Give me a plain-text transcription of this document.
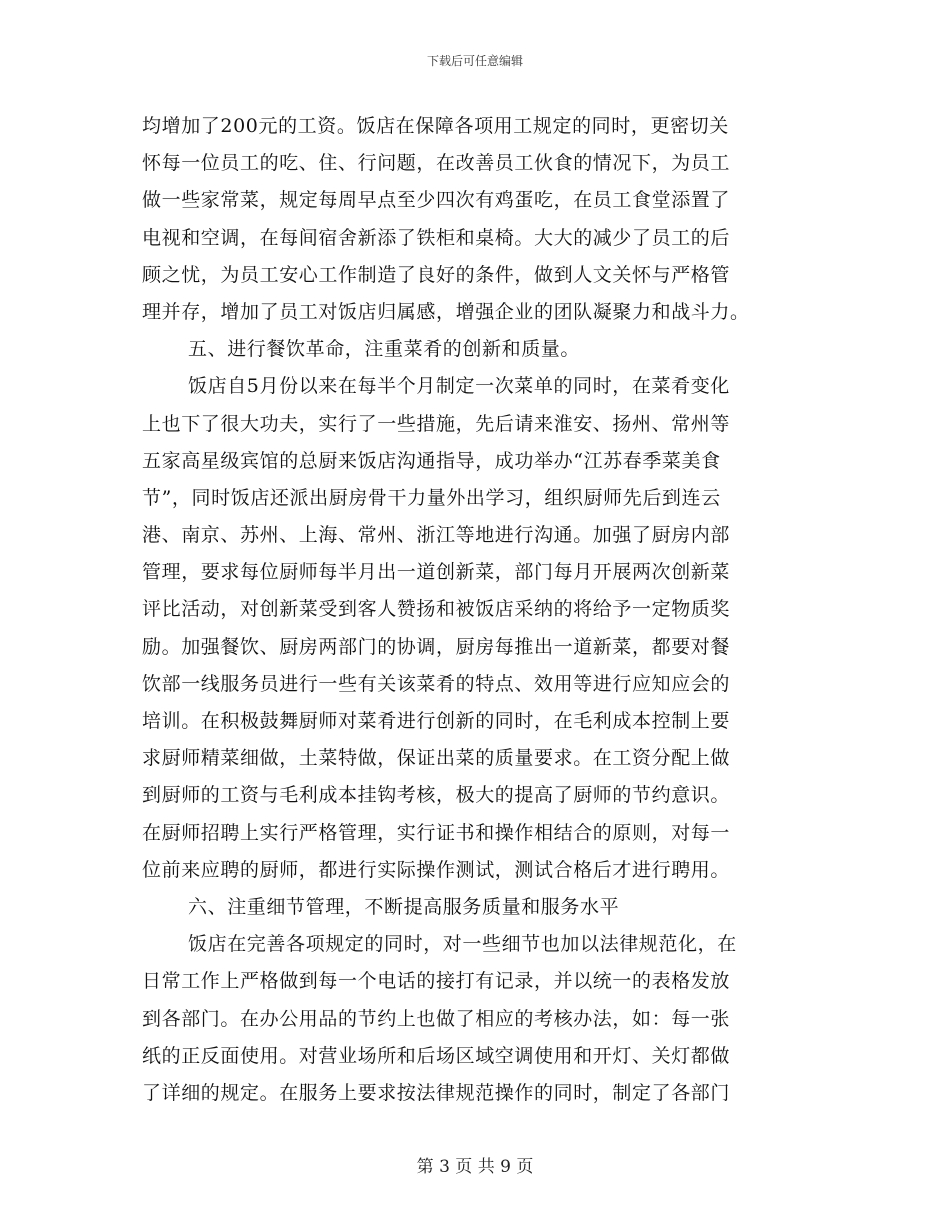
下载后可任意编辑
均增加了200元的工资。饭店在保障各项用工规定的同时，更密切关
怀每一位员工的吃、住、行问题，在改善员工伙食的情况下，为员工
做一些家常菜，规定每周早点至少四次有鸡蛋吃，在员工食堂添置了
电视和空调，在每间宿舍新添了铁柜和桌椅。大大的减少了员工的后
顾之忧，为员工安心工作制造了良好的条件，做到人文关怀与严格管
理并存，增加了员工对饭店归属感，增强企业的团队凝聚力和战斗力。
五、进行餐饮革命，注重菜肴的创新和质量。
饭店自5月份以来在每半个月制定一次菜单的同时，在菜肴变化
上也下了很大功夫，实行了一些措施，先后请来淮安、扬州、常州等
五家高星级宾馆的总厨来饭店沟通指导，成功举办“江苏春季菜美食
节”，同时饭店还派出厨房骨干力量外出学习，组织厨师先后到连云
港、南京、苏州、上海、常州、浙江等地进行沟通。加强了厨房内部
管理，要求每位厨师每半月出一道创新菜，部门每月开展两次创新菜
评比活动，对创新菜受到客人赞扬和被饭店采纳的将给予一定物质奖
励。加强餐饮、厨房两部门的协调，厨房每推出一道新菜，都要对餐
饮部一线服务员进行一些有关该菜肴的特点、效用等进行应知应会的
培训。在积极鼓舞厨师对菜肴进行创新的同时，在毛利成本控制上要
求厨师精菜细做，土菜特做，保证出菜的质量要求。在工资分配上做
到厨师的工资与毛利成本挂钩考核，极大的提高了厨师的节约意识。
在厨师招聘上实行严格管理，实行证书和操作相结合的原则，对每一
位前来应聘的厨师，都进行实际操作测试，测试合格后才进行聘用。
六、注重细节管理，不断提高服务质量和服务水平
饭店在完善各项规定的同时，对一些细节也加以法律规范化，在
日常工作上严格做到每一个电话的接打有记录，并以统一的表格发放
到各部门。在办公用品的节约上也做了相应的考核办法，如：每一张
纸的正反面使用。对营业场所和后场区域空调使用和开灯、关灯都做
了详细的规定。在服务上要求按法律规范操作的同时，制定了各部门
第 3 页 共 9 页
